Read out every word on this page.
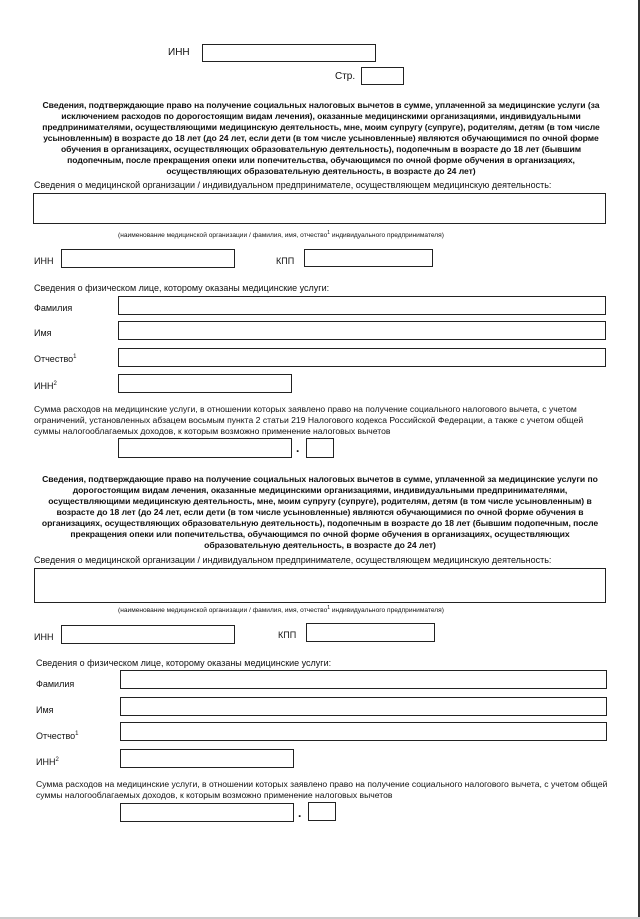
ИНН
Стр.
Сведения, подтверждающие право на получение социальных налоговых вычетов в сумме, уплаченной за медицинские услуги (за исключением расходов по дорогостоящим видам лечения), оказанные медицинскими организациями, индивидуальными предпринимателями, осуществляющими медицинскую деятельность, мне, моим супругу (супруге), родителям, детям (в том числе усыновленным) в возрасте до 18 лет (до 24 лет, если дети (в том числе усыновленные) являются обучающимися по очной форме обучения в организациях, осуществляющих образовательную деятельность), подопечным в возрасте до 18 лет (бывшим подопечным, после прекращения опеки или попечительства, обучающимся по очной форме обучения в организациях, осуществляющих образовательную деятельность, в возрасте до 24 лет)
Сведения о медицинской организации / индивидуальном предпринимателе, осуществляющем медицинскую деятельность:
(наименование медицинской организации / фамилия, имя, отчество$^1$ индивидуального предпринимателя)
ИНН	КПП
Сведения о физическом лице, которому оказаны медицинские услуги:
Фамилия
Имя
Отчество$^1$
ИНН$^2$
Сумма расходов на медицинские услуги, в отношении которых заявлено право на получение социального налогового вычета, с учетом ограничений, установленных абзацем восьмым пункта 2 статьи 219 Налогового кодекса Российской Федерации, а также с учетом общей суммы налогооблагаемых доходов, к которым возможно применение налоговых вычетов
.
Сведения, подтверждающие право на получение социальных налоговых вычетов в сумме, уплаченной за медицинские услуги по дорогостоящим видам лечения, оказанные медицинскими организациями, индивидуальными предпринимателями, осуществляющими медицинскую деятельность, мне, моим супругу (супруге), родителям, детям (в том числе усыновленным) в возрасте до 18 лет (до 24 лет, если дети (в том числе усыновленные) являются обучающимися по очной форме обучения в организациях, осуществляющих образовательную деятельность), подопечным в возрасте до 18 лет (бывшим подопечным, после прекращения опеки или попечительства, обучающимся по очной форме обучения в организациях, осуществляющих образовательную деятельность, в возрасте до 24 лет)
Сведения о медицинской организации / индивидуальном предпринимателе, осуществляющем медицинскую деятельность:
(наименование медицинской организации / фамилия, имя, отчество$^1$ индивидуального предпринимателя)
ИНН	КПП
Сведения о физическом лице, которому оказаны медицинские услуги:
Фамилия
Имя
Отчество$^1$
ИНН$^2$
Сумма расходов на медицинские услуги, в отношении которых заявлено право на получение социального налогового вычета, с учетом общей суммы налогооблагаемых доходов, к которым возможно применение налоговых вычетов
.
